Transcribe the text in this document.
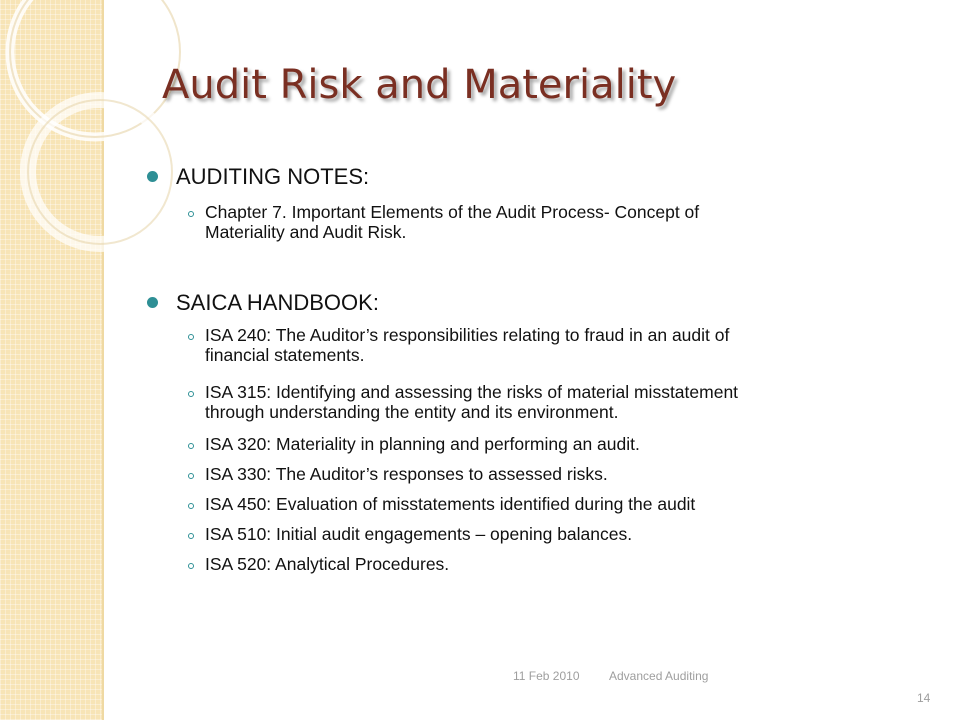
Audit Risk and Materiality
AUDITING NOTES:
Chapter 7. Important Elements of the Audit Process- Concept of
Materiality and Audit Risk.
SAICA HANDBOOK:
ISA 240: The Auditor’s responsibilities relating to fraud in an audit of
financial statements.
ISA 315: Identifying and assessing the risks of material misstatement
through understanding the entity and its environment.
ISA 320: Materiality in planning and performing an audit.
ISA 330: The Auditor’s responses to assessed risks.
ISA 450: Evaluation of misstatements identified during the audit
ISA 510: Initial audit engagements – opening balances.
ISA 520: Analytical Procedures.
11 Feb 2010 Advanced Auditing
14
